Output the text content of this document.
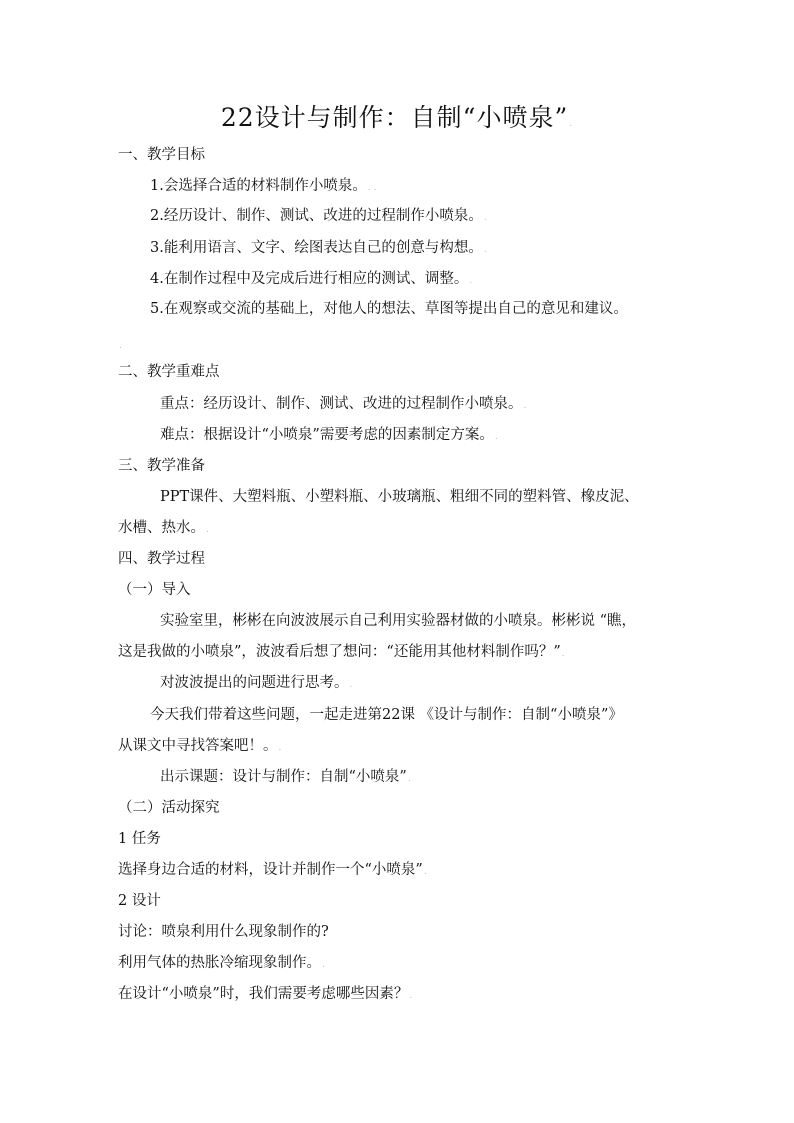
22设计与制作：自制“小喷泉”.
一、教学目标
1.会选择合适的材料制作小喷泉。. .
2.经历设计、制作、测试、改进的过程制作小喷泉。.
3.能利用语言、文字、绘图表达自己的创意与构想。.
4.在制作过程中及完成后进行相应的测试、调整。.
5.在观察或交流的基础上，对他人的想法、草图等提出自己的意见和建议。
.
二、教学重难点
重点：经历设计、制作、测试、改进的过程制作小喷泉。.
难点：根据设计“小喷泉”需要考虑的因素制定方案。.
三、教学准备
PPT课件、大塑料瓶、小塑料瓶、小玻璃瓶、粗细不同的塑料管、橡皮泥、
水槽、热水。.
四、教学过程
（一）导入
实验室里，彬彬在向波波展示自己利用实验器材做的小喷泉。彬彬说 “瞧，
这是我做的小喷泉”，波波看后想了想问：“还能用其他材料制作吗？”.
对波波提出的问题进行思考。.
今天我们带着这些问题，一起走进第22课 《设计与制作：自制“小喷泉”》
从课文中寻找答案吧！。.
出示课题：设计与制作：自制“小喷泉”.
（二）活动探究
1 任务
选择身边合适的材料，设计并制作一个“小喷泉”.
2 设计
讨论：喷泉利用什么现象制作的?
利用气体的热胀冷缩现象制作。.
在设计“小喷泉”时，我们需要考虑哪些因素？.
